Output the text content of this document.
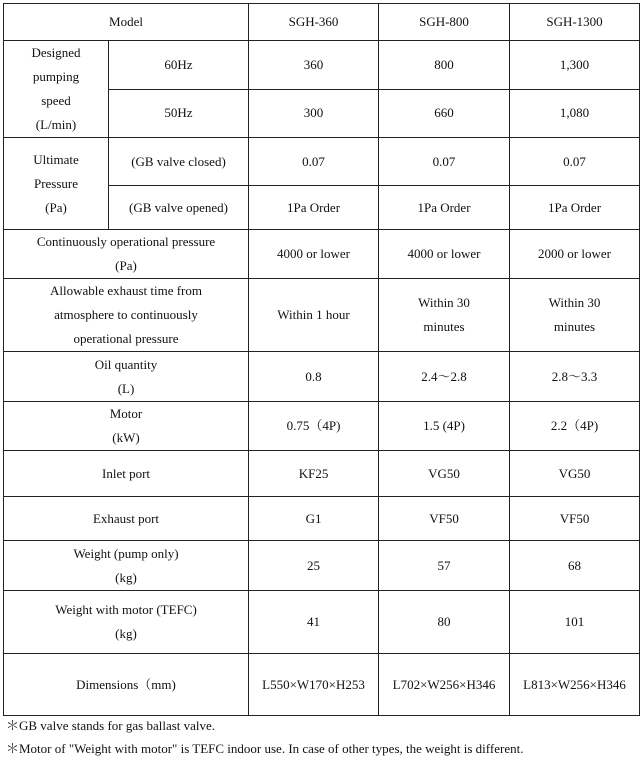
Model		SGH-360	SGH-800	SGH-1300

Designed
pumping
speed
(L/min)	60Hz	360	800	1,300
	50Hz	300	660	1,080

Ultimate
Pressure
(Pa)	(GB valve closed)	0.07	0.07	0.07
	(GB valve opened)	1Pa Order	1Pa Order	1Pa Order

Continuously operational pressure
(Pa)		4000 or lower	4000 or lower	2000 or lower

Allowable exhaust time from
atmosphere to continuously
operational pressure		Within 1 hour	Within 30 minutes	Within 30 minutes

Oil quantity
(L)		0.8	2.4～2.8	2.8～3.3

Motor
(kW)		0.75（4P)	1.5 (4P)	2.2（4P)

Inlet port		KF25	VG50	VG50

Exhaust port		G1	VF50	VF50

Weight (pump only)
(kg)		25	57	68

Weight with motor (TEFC)
(kg)		41	80	101

Dimensions（mm)		L550×W170×H253	L702×W256×H346	L813×W256×H346
＊GB valve stands for gas ballast valve.
＊Motor of "Weight with motor" is TEFC indoor use. In case of other types, the weight is different.
